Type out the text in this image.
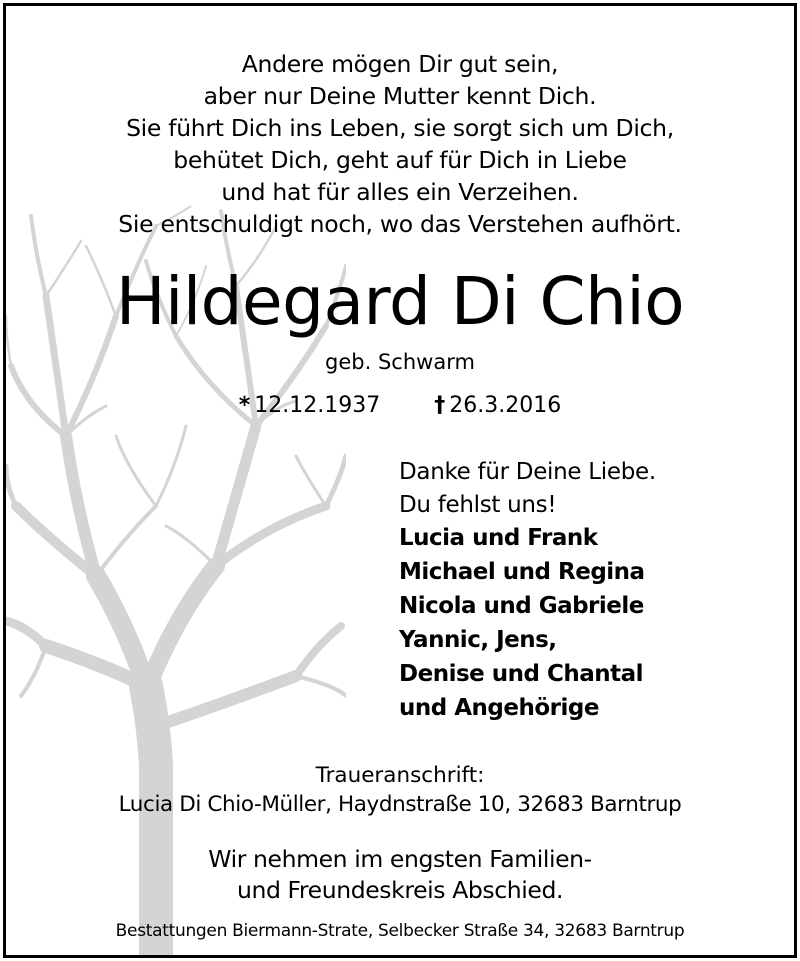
Andere mögen Dir gut sein,
aber nur Deine Mutter kennt Dich.
Sie führt Dich ins Leben, sie sorgt sich um Dich,
behütet Dich, geht auf für Dich in Liebe
und hat für alles ein Verzeihen.
Sie entschuldigt noch, wo das Verstehen aufhört.
Hildegard Di Chio
geb. Schwarm
* 12.12.1937 † 26.3.2016
Danke für Deine Liebe.
Du fehlst uns!
Lucia und Frank
Michael und Regina
Nicola und Gabriele
Yannic, Jens,
Denise und Chantal
und Angehörige
Traueranschrift:
Lucia Di Chio-Müller, Haydnstraße 10, 32683 Barntrup
Wir nehmen im engsten Familien-
und Freundeskreis Abschied.
Bestattungen Biermann-Strate, Selbecker Straße 34, 32683 Barntrup
